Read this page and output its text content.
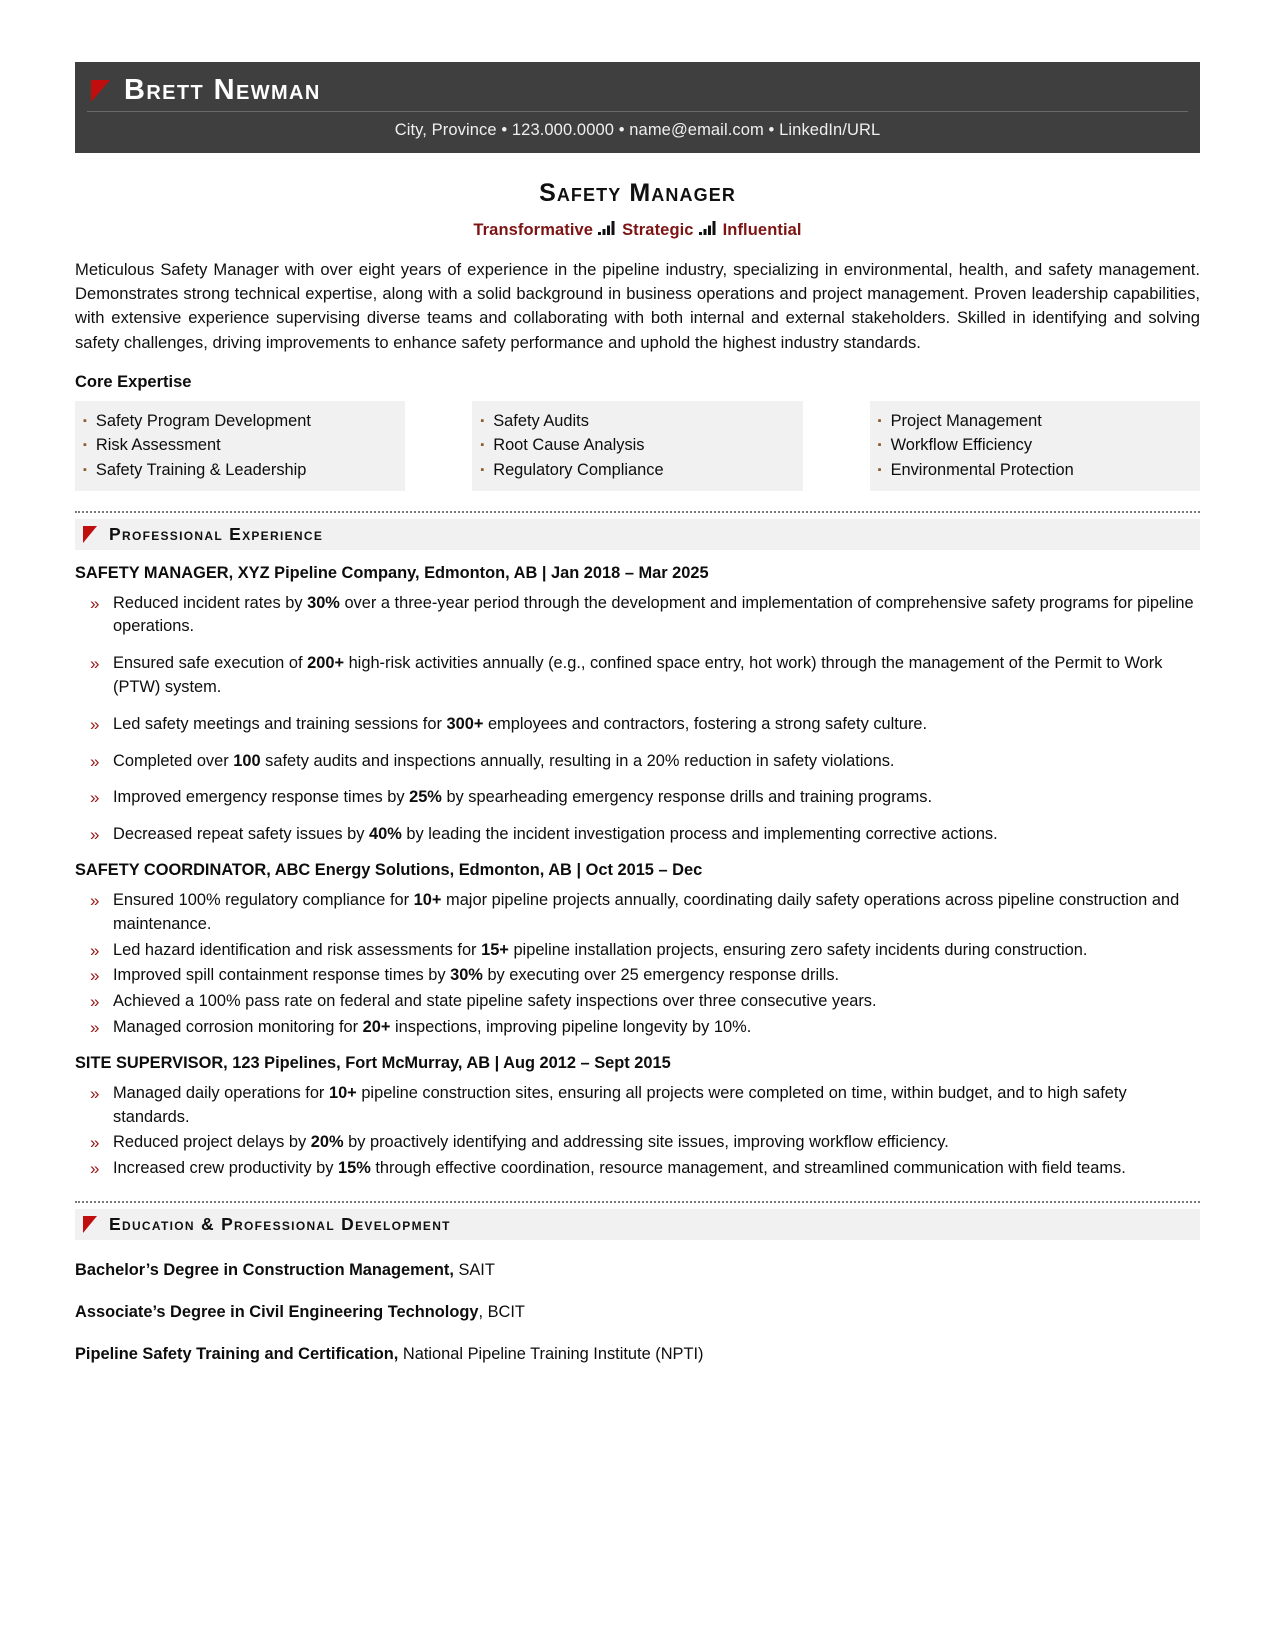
Brett Newman
City, Province • 123.000.0000 • name@email.com • LinkedIn/URL
Safety Manager
Transformative Strategic Influential
Meticulous Safety Manager with over eight years of experience in the pipeline industry, specializing in environmental, health, and safety management. Demonstrates strong technical expertise, along with a solid background in business operations and project management. Proven leadership capabilities, with extensive experience supervising diverse teams and collaborating with both internal and external stakeholders. Skilled in identifying and solving safety challenges, driving improvements to enhance safety performance and uphold the highest industry standards.
Core Expertise
▪ Safety Program Development
▪ Risk Assessment
▪ Safety Training & Leadership
▪ Safety Audits
▪ Root Cause Analysis
▪ Regulatory Compliance
▪ Project Management
▪ Workflow Efficiency
▪ Environmental Protection
Professional Experience
SAFETY MANAGER, XYZ Pipeline Company, Edmonton, AB | Jan 2018 – Mar 2025
» Reduced incident rates by 30% over a three-year period through the development and implementation of comprehensive safety programs for pipeline operations.
» Ensured safe execution of 200+ high-risk activities annually (e.g., confined space entry, hot work) through the management of the Permit to Work (PTW) system.
» Led safety meetings and training sessions for 300+ employees and contractors, fostering a strong safety culture.
» Completed over 100 safety audits and inspections annually, resulting in a 20% reduction in safety violations.
» Improved emergency response times by 25% by spearheading emergency response drills and training programs.
» Decreased repeat safety issues by 40% by leading the incident investigation process and implementing corrective actions.
SAFETY COORDINATOR, ABC Energy Solutions, Edmonton, AB | Oct 2015 – Dec
» Ensured 100% regulatory compliance for 10+ major pipeline projects annually, coordinating daily safety operations across pipeline construction and maintenance.
» Led hazard identification and risk assessments for 15+ pipeline installation projects, ensuring zero safety incidents during construction.
» Improved spill containment response times by 30% by executing over 25 emergency response drills.
» Achieved a 100% pass rate on federal and state pipeline safety inspections over three consecutive years.
» Managed corrosion monitoring for 20+ inspections, improving pipeline longevity by 10%.
SITE SUPERVISOR, 123 Pipelines, Fort McMurray, AB | Aug 2012 – Sept 2015
» Managed daily operations for 10+ pipeline construction sites, ensuring all projects were completed on time, within budget, and to high safety standards.
» Reduced project delays by 20% by proactively identifying and addressing site issues, improving workflow efficiency.
» Increased crew productivity by 15% through effective coordination, resource management, and streamlined communication with field teams.
Education & Professional Development
Bachelor’s Degree in Construction Management, SAIT
Associate’s Degree in Civil Engineering Technology, BCIT
Pipeline Safety Training and Certification, National Pipeline Training Institute (NPTI)
